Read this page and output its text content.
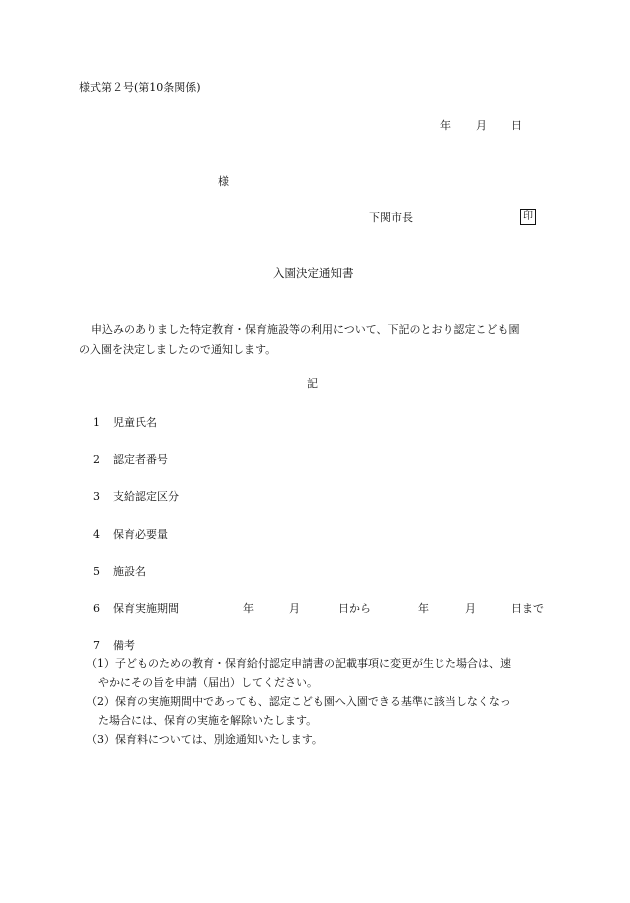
様式第２号(第10条関係)
年 月 日
様
下関市長	印
入園決定通知書
申込みのありました特定教育・保育施設等の利用について、下記のとおり認定こども園
の入園を決定しましたので通知します。
記
1 児童氏名
2 認定者番号
3 支給認定区分
4 保育必要量
5 施設名
6 保育実施期間	年	月	日から	年	月	日まで
7 備考
（1）子どものための教育・保育給付認定申請書の記載事項に変更が生じた場合は、速
やかにその旨を申請（届出）してください。
（2）保育の実施期間中であっても、認定こども園へ入園できる基準に該当しなくなっ
た場合には、保育の実施を解除いたします。
（3）保育料については、別途通知いたします。
